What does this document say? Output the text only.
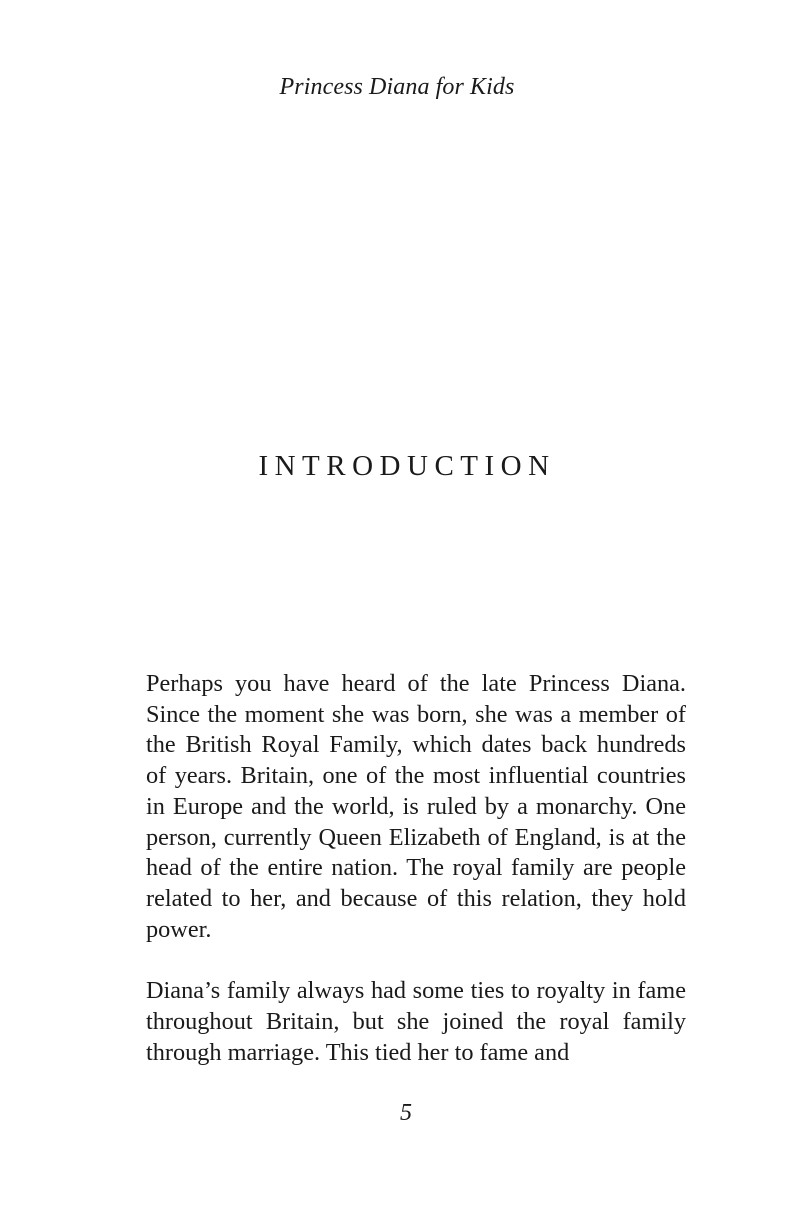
Princess Diana for Kids
INTRODUCTION

Perhaps you have heard of the late Princess Diana. Since the moment she was born, she was a member of the British Royal Family, which dates back hundreds of years. Britain, one of the most influential countries in Europe and the world, is ruled by a monarchy. One person, currently Queen Elizabeth of England, is at the head of the entire nation. The royal family are people related to her, and because of this relation, they hold power.

Diana’s family always had some ties to royalty in fame throughout Britain, but she joined the royal family through marriage. This tied her to fame and

5
